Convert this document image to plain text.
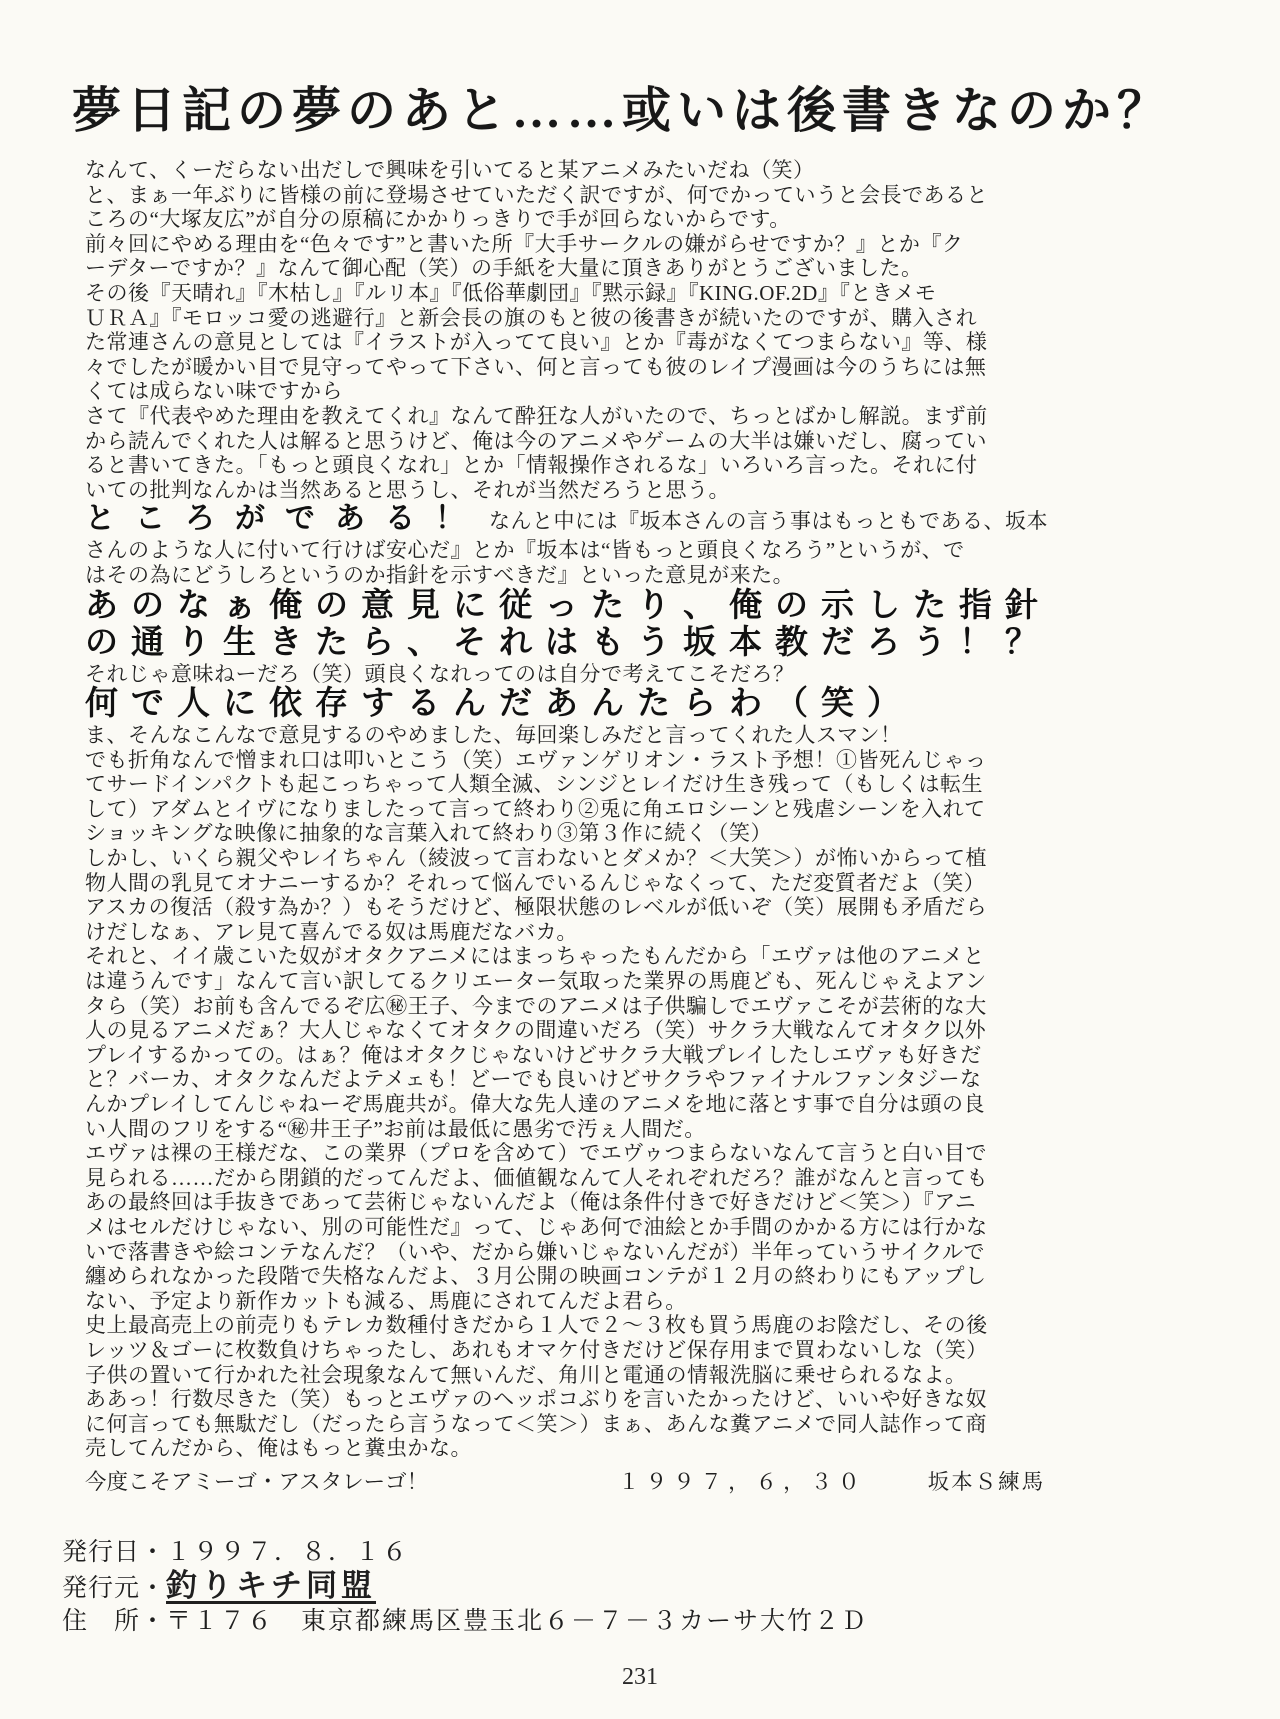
夢日記の夢のあと……或いは後書きなのか？
なんて、くーだらない出だしで興味を引いてると某アニメみたいだね（笑）
と、まぁ一年ぶりに皆様の前に登場させていただく訳ですが、何でかっていうと会長であると
ころの“大塚友広”が自分の原稿にかかりっきりで手が回らないからです。
前々回にやめる理由を“色々です”と書いた所『大手サークルの嫌がらせですか？』とか『ク
ーデターですか？』なんて御心配（笑）の手紙を大量に頂きありがとうございました。
その後『天晴れ』『木枯し』『ルリ本』『低俗華劇団』『黙示録』『KING.OF.2D』『ときメモ
ＵＲＡ』『モロッコ愛の逃避行』と新会長の旗のもと彼の後書きが続いたのですが、購入され
た常連さんの意見としては『イラストが入ってて良い』とか『毒がなくてつまらない』等、様
々でしたが暖かい目で見守ってやって下さい、何と言っても彼のレイプ漫画は今のうちには無
くては成らない味ですから
さて『代表やめた理由を教えてくれ』なんて酔狂な人がいたので、ちっとばかし解説。まず前
から読んでくれた人は解ると思うけど、俺は今のアニメやゲームの大半は嫌いだし、腐ってい
ると書いてきた。「もっと頭良くなれ」とか「情報操作されるな」いろいろ言った。それに付
いての批判なんかは当然あると思うし、それが当然だろうと思う。
ところがである！ なんと中には『坂本さんの言う事はもっともである、坂本
さんのような人に付いて行けば安心だ』とか『坂本は“皆もっと頭良くなろう”というが、で
はその為にどうしろというのか指針を示すべきだ』といった意見が来た。
あのなぁ俺の意見に従ったり、俺の示した指針
の通り生きたら、それはもう坂本教だろう！？
それじゃ意味ねーだろ（笑）頭良くなれってのは自分で考えてこそだろ？
何で人に依存するんだあんたらわ（笑）
ま、そんなこんなで意見するのやめました、毎回楽しみだと言ってくれた人スマン！
でも折角なんで憎まれ口は叩いとこう（笑）エヴァンゲリオン・ラスト予想！①皆死んじゃっ
てサードインパクトも起こっちゃって人類全滅、シンジとレイだけ生き残って（もしくは転生
して）アダムとイヴになりましたって言って終わり②兎に角エロシーンと残虐シーンを入れて
ショッキングな映像に抽象的な言葉入れて終わり③第３作に続く（笑）
しかし、いくら親父やレイちゃん（綾波って言わないとダメか？＜大笑＞）が怖いからって植
物人間の乳見てオナニーするか？それって悩んでいるんじゃなくって、ただ変質者だよ（笑）
アスカの復活（殺す為か？）もそうだけど、極限状態のレベルが低いぞ（笑）展開も矛盾だら
けだしなぁ、アレ見て喜んでる奴は馬鹿だなバカ。
それと、イイ歳こいた奴がオタクアニメにはまっちゃったもんだから「エヴァは他のアニメと
は違うんです」なんて言い訳してるクリエーター気取った業界の馬鹿ども、死んじゃえよアン
タら（笑）お前も含んでるぞ広㊙王子、今までのアニメは子供騙しでエヴァこそが芸術的な大
人の見るアニメだぁ？大人じゃなくてオタクの間違いだろ（笑）サクラ大戦なんてオタク以外
プレイするかっての。はぁ？俺はオタクじゃないけどサクラ大戦プレイしたしエヴァも好きだ
と？バーカ、オタクなんだよテメェも！どーでも良いけどサクラやファイナルファンタジーな
んかプレイしてんじゃねーぞ馬鹿共が。偉大な先人達のアニメを地に落とす事で自分は頭の良
い人間のフリをする“㊙井王子”お前は最低に愚劣で汚ぇ人間だ。
エヴァは裸の王様だな、この業界（プロを含めて）でエヴゥつまらないなんて言うと白い目で
見られる……だから閉鎖的だってんだよ、価値観なんて人それぞれだろ？誰がなんと言っても
あの最終回は手抜きであって芸術じゃないんだよ（俺は条件付きで好きだけど＜笑＞）『アニ
メはセルだけじゃない、別の可能性だ』って、じゃあ何で油絵とか手間のかかる方には行かな
いで落書きや絵コンテなんだ？（いや、だから嫌いじゃないんだが）半年っていうサイクルで
纏められなかった段階で失格なんだよ、３月公開の映画コンテが１２月の終わりにもアップし
ない、予定より新作カットも減る、馬鹿にされてんだよ君ら。
史上最高売上の前売りもテレカ数種付きだから１人で２～３枚も買う馬鹿のお陰だし、その後
レッツ＆ゴーに枚数負けちゃったし、あれもオマケ付きだけど保存用まで買わないしな（笑）
子供の置いて行かれた社会現象なんて無いんだ、角川と電通の情報洗脳に乗せられるなよ。
ああっ！行数尽きた（笑）もっとエヴァのヘッポコぶりを言いたかったけど、いいや好きな奴
に何言っても無駄だし（だったら言うなって＜笑＞）まぁ、あんな糞アニメで同人誌作って商
売してんだから、俺はもっと糞虫かな。
今度こそアミーゴ・アスタレーゴ！	１９９７，６，３０	坂本Ｓ練馬
発行日・１９９７．８．１６
発行元・釣りキチ同盟
住　所・〒１７６　東京都練馬区豊玉北６－７－３カーサ大竹２Ｄ
231
